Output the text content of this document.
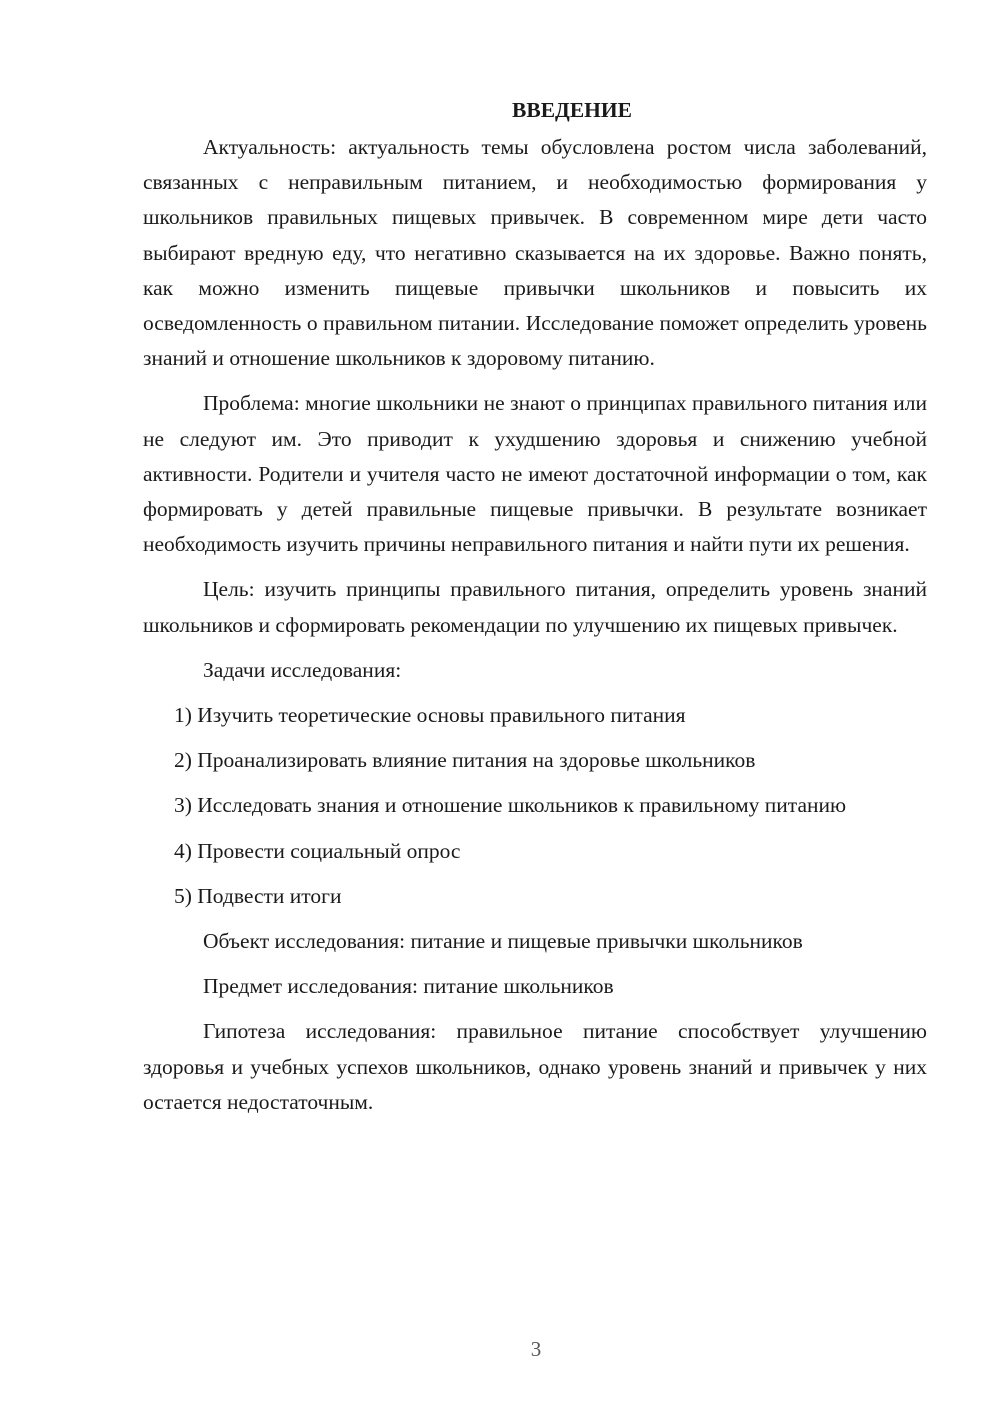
ВВЕДЕНИЕ

Актуальность: актуальность темы обусловлена ростом числа заболеваний, связанных с неправильным питанием, и необходимостью формирования у школьников правильных пищевых привычек. В современном мире дети часто выбирают вредную еду, что негативно сказывается на их здоровье. Важно понять, как можно изменить пищевые привычки школьников и повысить их осведомленность о правильном питании. Исследование поможет определить уровень знаний и отношение школьников к здоровому питанию.

Проблема: многие школьники не знают о принципах правильного питания или не следуют им. Это приводит к ухудшению здоровья и снижению учебной активности. Родители и учителя часто не имеют достаточной информации о том, как формировать у детей правильные пищевые привычки. В результате возникает необходимость изучить причины неправильного питания и найти пути их решения.

Цель: изучить принципы правильного питания, определить уровень знаний школьников и сформировать рекомендации по улучшению их пищевых привычек.

Задачи исследования:

1) Изучить теоретические основы правильного питания

2) Проанализировать влияние питания на здоровье школьников

3) Исследовать знания и отношение школьников к правильному питанию

4) Провести социальный опрос

5) Подвести итоги

Объект исследования: питание и пищевые привычки школьников

Предмет исследования: питание школьников

Гипотеза исследования: правильное питание способствует улучшению здоровья и учебных успехов школьников, однако уровень знаний и привычек у них остается недостаточным.

3
